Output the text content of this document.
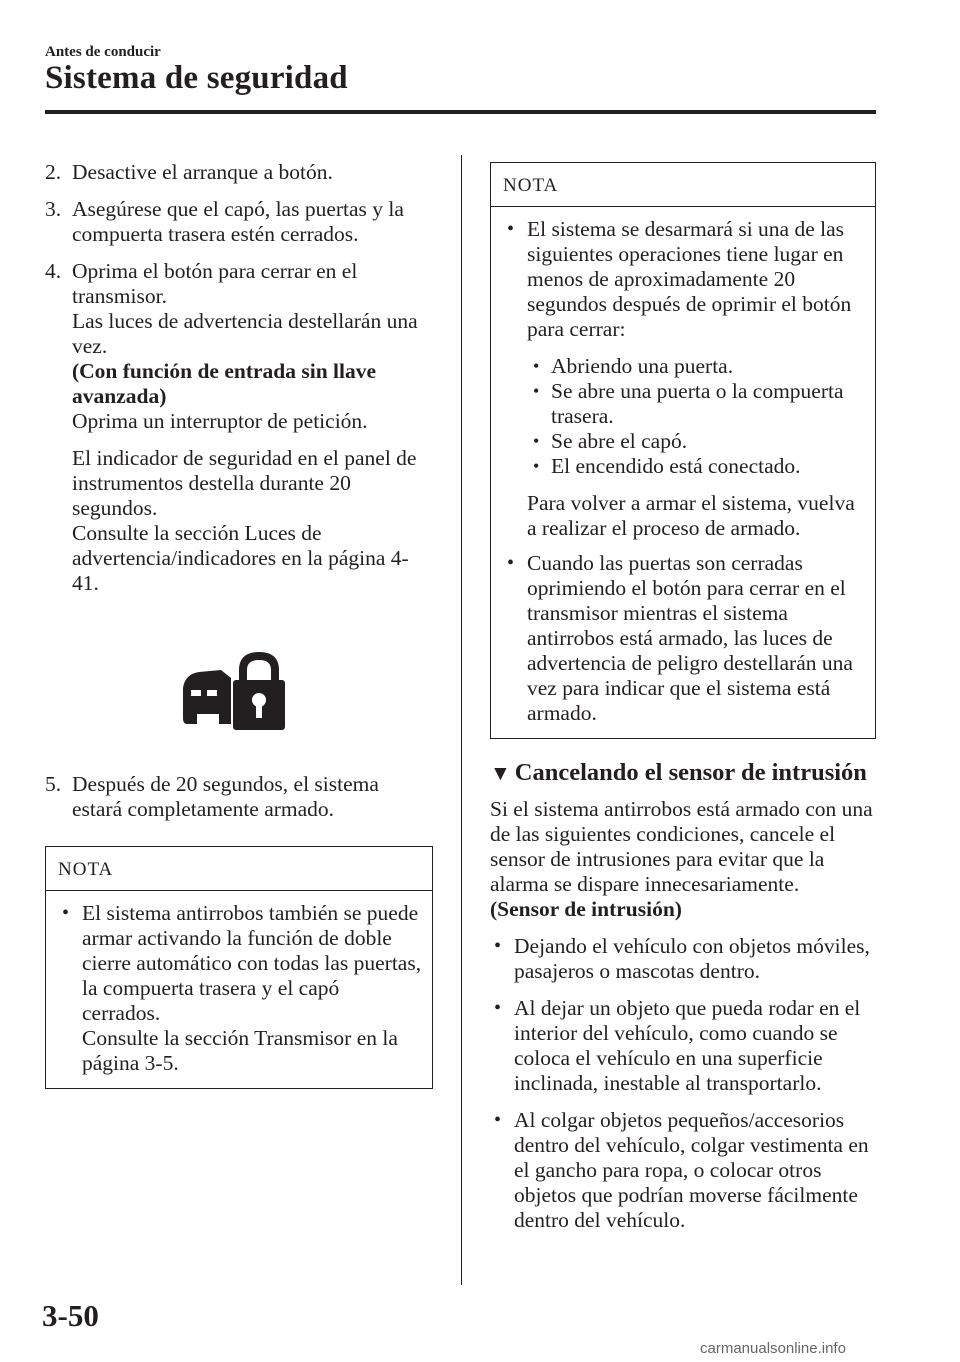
Antes de conducir
Sistema de seguridad
2. Desactive el arranque a botón.

3. Asegúrese que el capó, las puertas y la compuerta trasera estén cerrados.

4. Oprima el botón para cerrar en el transmisor.

Las luces de advertencia destellarán una vez.

(Con función de entrada sin llave avanzada)

Oprima un interruptor de petición.

El indicador de seguridad en el panel de instrumentos destella durante 20 segundos.

Consulte la sección Luces de advertencia/indicadores en la página 4-41.

5. Después de 20 segundos, el sistema estará completamente armado.

NOTA
• El sistema antirrobos también se puede armar activando la función de doble cierre automático con todas las puertas, la compuerta trasera y el capó cerrados.

Consulte la sección Transmisor en la página 3-5.

NOTA
• El sistema se desarmará si una de las siguientes operaciones tiene lugar en menos de aproximadamente 20 segundos después de oprimir el botón para cerrar:

• Abriendo una puerta.
• Se abre una puerta o la compuerta trasera.
• Se abre el capó.
• El encendido está conectado.

Para volver a armar el sistema, vuelva a realizar el proceso de armado.

• Cuando las puertas son cerradas oprimiendo el botón para cerrar en el transmisor mientras el sistema antirrobos está armado, las luces de advertencia de peligro destellarán una vez para indicar que el sistema está armado.

▼ Cancelando el sensor de intrusión

Si el sistema antirrobos está armado con una de las siguientes condiciones, cancele el sensor de intrusiones para evitar que la alarma se dispare innecesariamente.

(Sensor de intrusión)

• Dejando el vehículo con objetos móviles, pasajeros o mascotas dentro.
• Al dejar un objeto que pueda rodar en el interior del vehículo, como cuando se coloca el vehículo en una superficie inclinada, inestable al transportarlo.
• Al colgar objetos pequeños/accesorios dentro del vehículo, colgar vestimenta en el gancho para ropa, o colocar otros objetos que podrían moverse fácilmente dentro del vehículo.
3-50
carmanualsonline.info
